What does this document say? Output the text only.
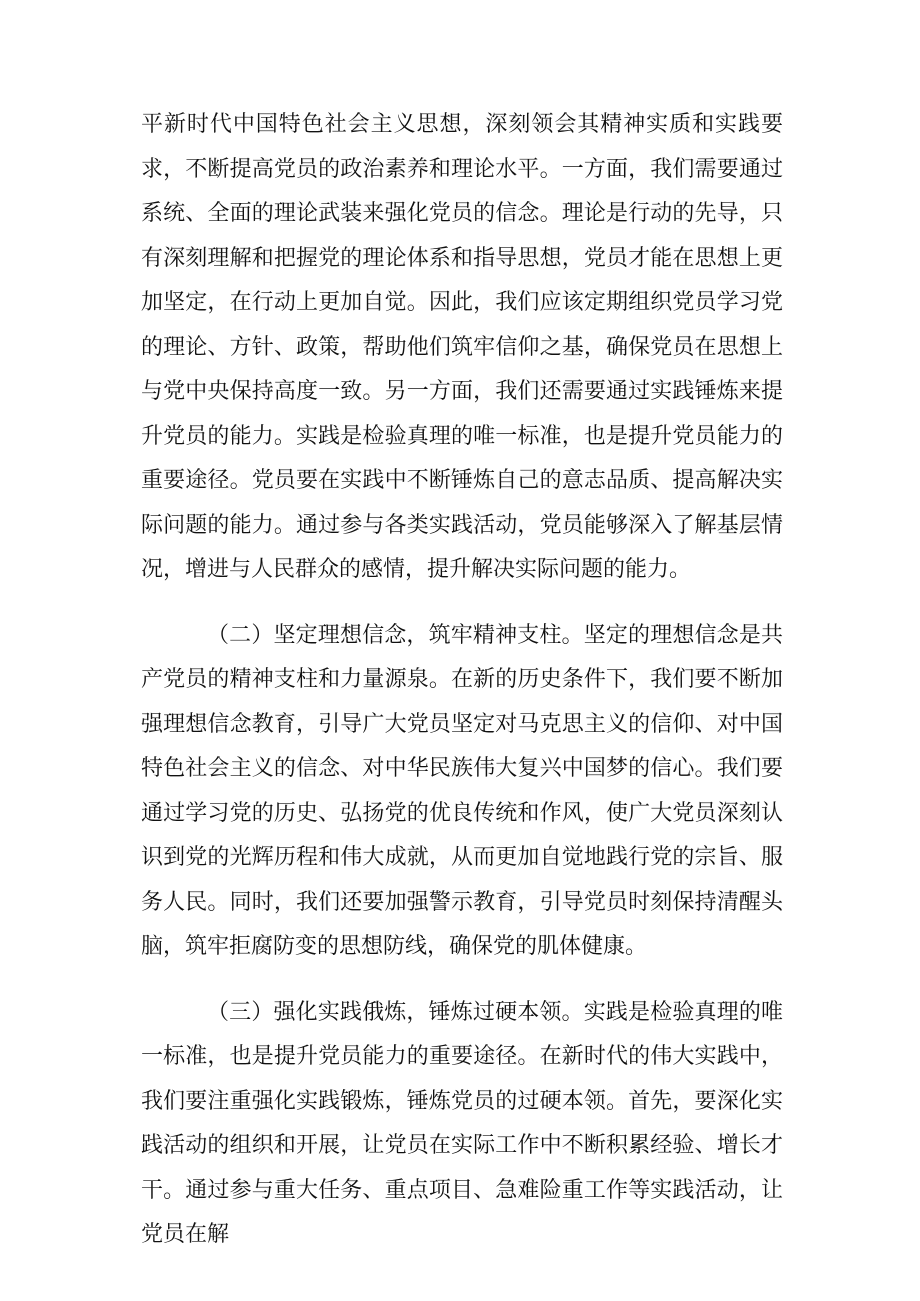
平新时代中国特色社会主义思想，深刻领会其精神实质和实践要求，不断提高党员的政治素养和理论水平。一方面，我们需要通过系统、全面的理论武装来强化党员的信念。理论是行动的先导，只有深刻理解和把握党的理论体系和指导思想，党员才能在思想上更加坚定，在行动上更加自觉。因此，我们应该定期组织党员学习党的理论、方针、政策，帮助他们筑牢信仰之基，确保党员在思想上与党中央保持高度一致。另一方面，我们还需要通过实践锤炼来提升党员的能力。实践是检验真理的唯一标准，也是提升党员能力的重要途径。党员要在实践中不断锤炼自己的意志品质、提高解决实际问题的能力。通过参与各类实践活动，党员能够深入了解基层情况，增进与人民群众的感情，提升解决实际问题的能力。

（二）坚定理想信念，筑牢精神支柱。坚定的理想信念是共产党员的精神支柱和力量源泉。在新的历史条件下，我们要不断加强理想信念教育，引导广大党员坚定对马克思主义的信仰、对中国特色社会主义的信念、对中华民族伟大复兴中国梦的信心。我们要通过学习党的历史、弘扬党的优良传统和作风，使广大党员深刻认识到党的光辉历程和伟大成就，从而更加自觉地践行党的宗旨、服务人民。同时，我们还要加强警示教育，引导党员时刻保持清醒头脑，筑牢拒腐防变的思想防线，确保党的肌体健康。

（三）强化实践俄炼，锤炼过硬本领。实践是检验真理的唯一标准，也是提升党员能力的重要途径。在新时代的伟大实践中，我们要注重强化实践锻炼，锤炼党员的过硬本领。首先，要深化实践活动的组织和开展，让党员在实际工作中不断积累经验、增长才干。通过参与重大任务、重点项目、急难险重工作等实践活动，让党员在解
